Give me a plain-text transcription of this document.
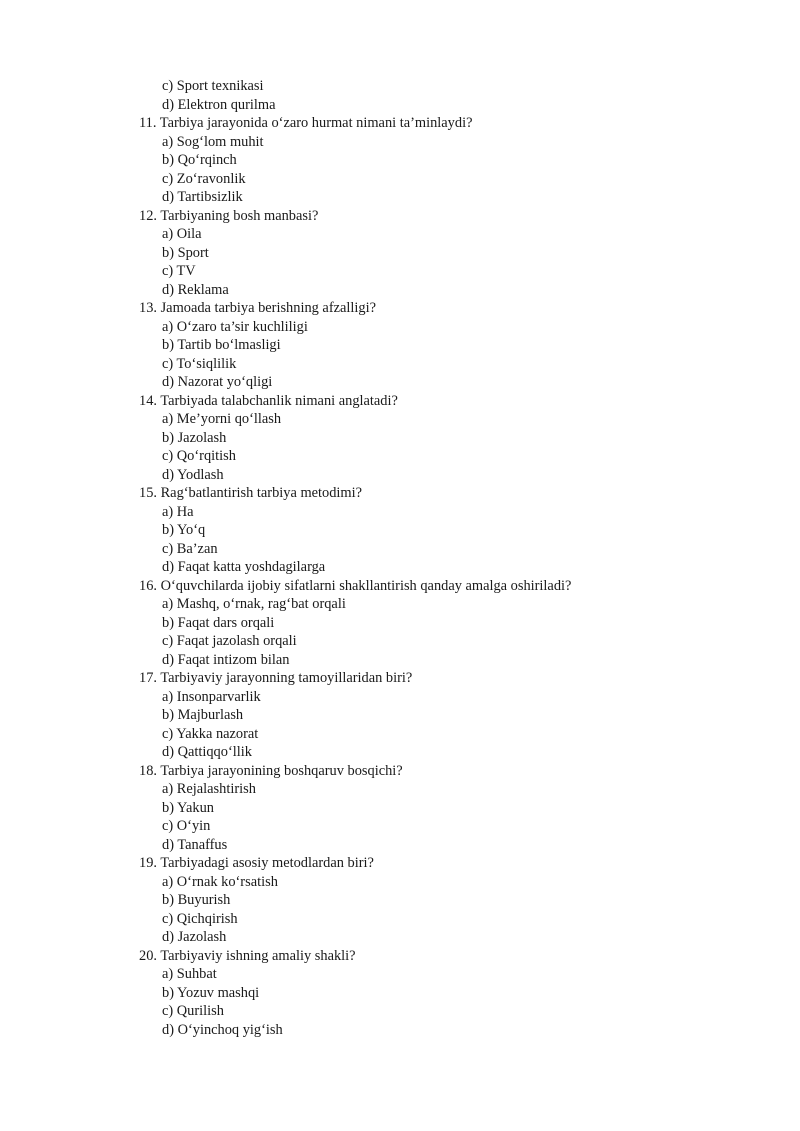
c) Sport texnikasi
d) Elektron qurilma
11. Tarbiya jarayonida o‘zaro hurmat nimani ta’minlaydi?
a) Sog‘lom muhit
b) Qo‘rqinch
c) Zo‘ravonlik
d) Tartibsizlik
12. Tarbiyaning bosh manbasi?
a) Oila
b) Sport
c) TV
d) Reklama
13. Jamoada tarbiya berishning afzalligi?
a) O‘zaro ta’sir kuchliligi
b) Tartib bo‘lmasligi
c) To‘siqlilik
d) Nazorat yo‘qligi
14. Tarbiyada talabchanlik nimani anglatadi?
a) Me’yorni qo‘llash
b) Jazolash
c) Qo‘rqitish
d) Yodlash
15. Rag‘batlantirish tarbiya metodimi?
a) Ha
b) Yo‘q
c) Ba’zan
d) Faqat katta yoshdagilarga
16. O‘quvchilarda ijobiy sifatlarni shakllantirish qanday amalga oshiriladi?
a) Mashq, o‘rnak, rag‘bat orqali
b) Faqat dars orqali
c) Faqat jazolash orqali
d) Faqat intizom bilan
17. Tarbiyaviy jarayonning tamoyillaridan biri?
a) Insonparvarlik
b) Majburlash
c) Yakka nazorat
d) Qattiqqo‘llik
18. Tarbiya jarayonining boshqaruv bosqichi?
a) Rejalashtirish
b) Yakun
c) O‘yin
d) Tanaffus
19. Tarbiyadagi asosiy metodlardan biri?
a) O‘rnak ko‘rsatish
b) Buyurish
c) Qichqirish
d) Jazolash
20. Tarbiyaviy ishning amaliy shakli?
a) Suhbat
b) Yozuv mashqi
c) Qurilish
d) O‘yinchoq yig‘ish
